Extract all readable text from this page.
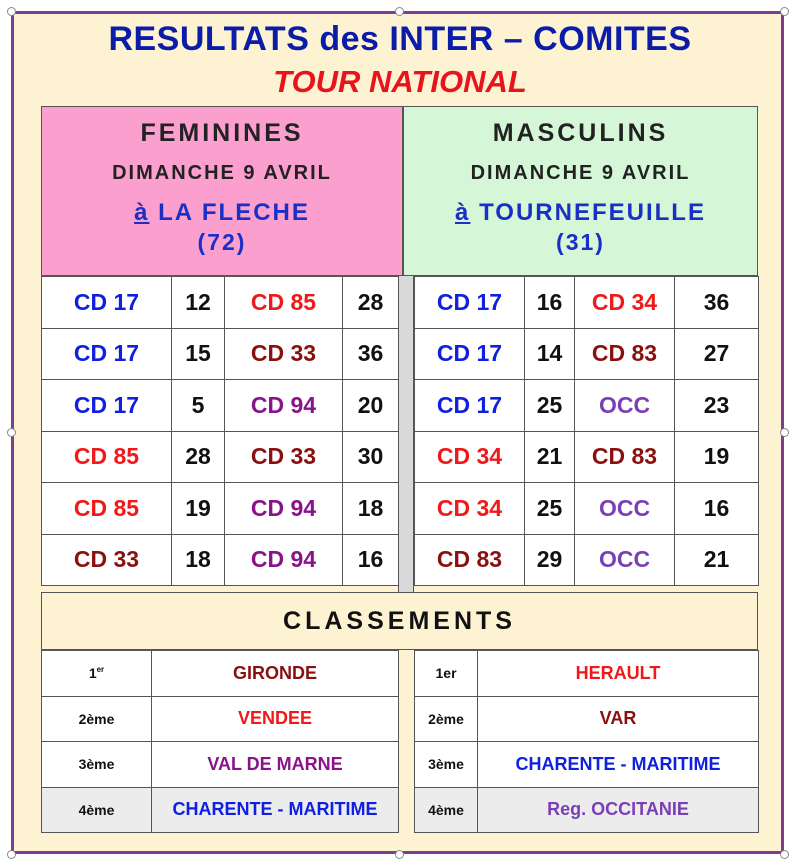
RESULTATS des INTER – COMITES
TOUR NATIONAL
FEMININES
DIMANCHE 9 AVRIL
à LA FLECHE
(72)
MASCULINS
DIMANCHE 9 AVRIL
à TOURNEFEUILLE
(31)
CD 17	12	CD 85	28
CD 17	15	CD 33	36
CD 17	5	CD 94	20
CD 85	28	CD 33	30
CD 85	19	CD 94	18
CD 33	18	CD 94	16
CD 17	16	CD 34	36
CD 17	14	CD 83	27
CD 17	25	OCC	23
CD 34	21	CD 83	19
CD 34	25	OCC	16
CD 83	29	OCC	21
CLASSEMENTS
1er	GIRONDE
2ème	VENDEE
3ème	VAL DE MARNE
4ème	CHARENTE - MARITIME
1er	HERAULT
2ème	VAR
3ème	CHARENTE - MARITIME
4ème	Reg. OCCITANIE
